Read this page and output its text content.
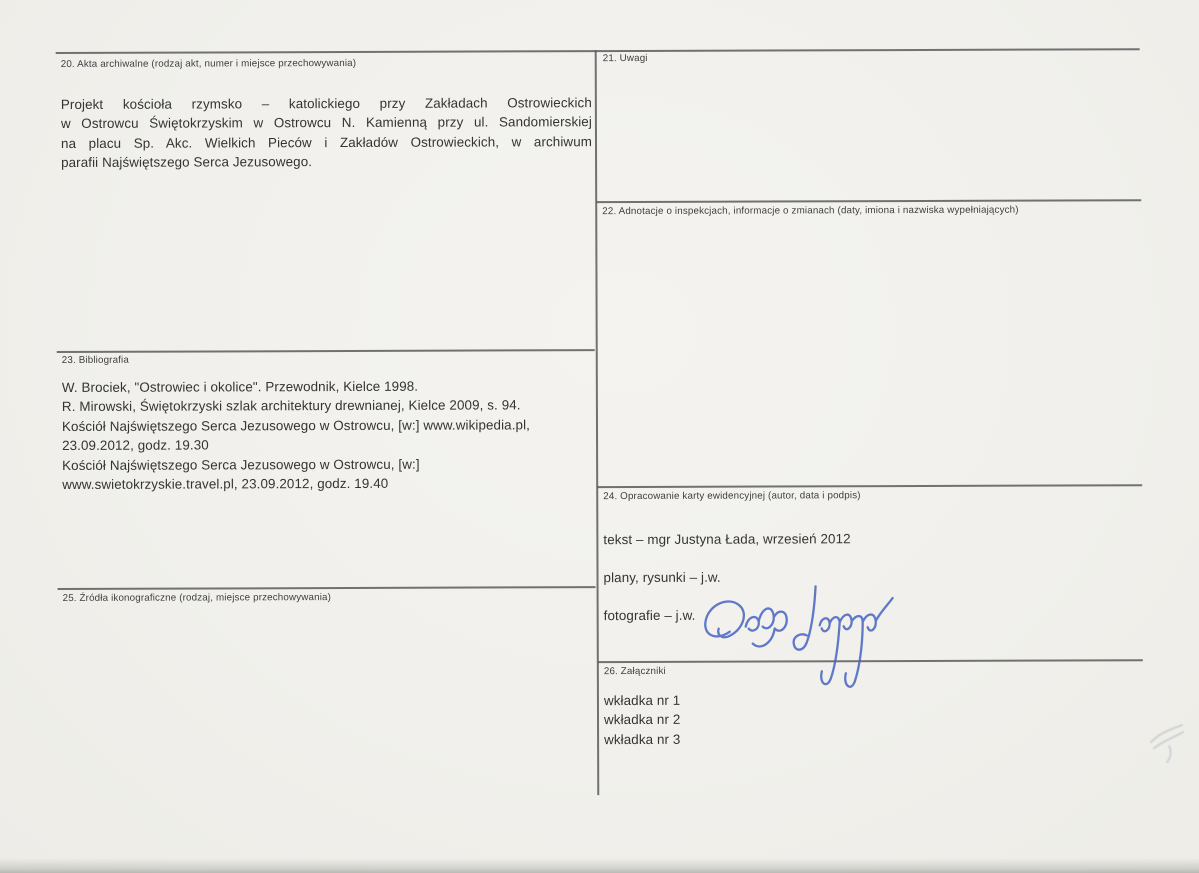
20. Akta archiwalne (rodzaj akt, numer i miejsce przechowywania)	21. Uwagi
22. Adnotacje o inspekcjach, informacje o zmianach (daty, imiona i nazwiska wypełniających)
23. Bibliografia
24. Opracowanie karty ewidencyjnej (autor, data i podpis)
25. Źródła ikonograficzne (rodzaj, miejsce przechowywania)
26. Załączniki
Projekt kościoła rzymsko – katolickiego przy Zakładach Ostrowieckich
w Ostrowcu Świętokrzyskim w Ostrowcu N. Kamienną przy ul. Sandomierskiej
na placu Sp. Akc. Wielkich Pieców i Zakładów Ostrowieckich, w archiwum
parafii Najświętszego Serca Jezusowego.
W. Brociek, "Ostrowiec i okolice". Przewodnik, Kielce 1998.
R. Mirowski, Świętokrzyski szlak architektury drewnianej, Kielce 2009, s. 94.
Kościół Najświętszego Serca Jezusowego w Ostrowcu, [w:] www.wikipedia.pl,
23.09.2012, godz. 19.30
Kościół Najświętszego Serca Jezusowego w Ostrowcu, [w:]
www.swietokrzyskie.travel.pl, 23.09.2012, godz. 19.40
tekst – mgr Justyna Łada, wrzesień 2012
plany, rysunki – j.w.
fotografie – j.w.
wkładka nr 1
wkładka nr 2
wkładka nr 3
